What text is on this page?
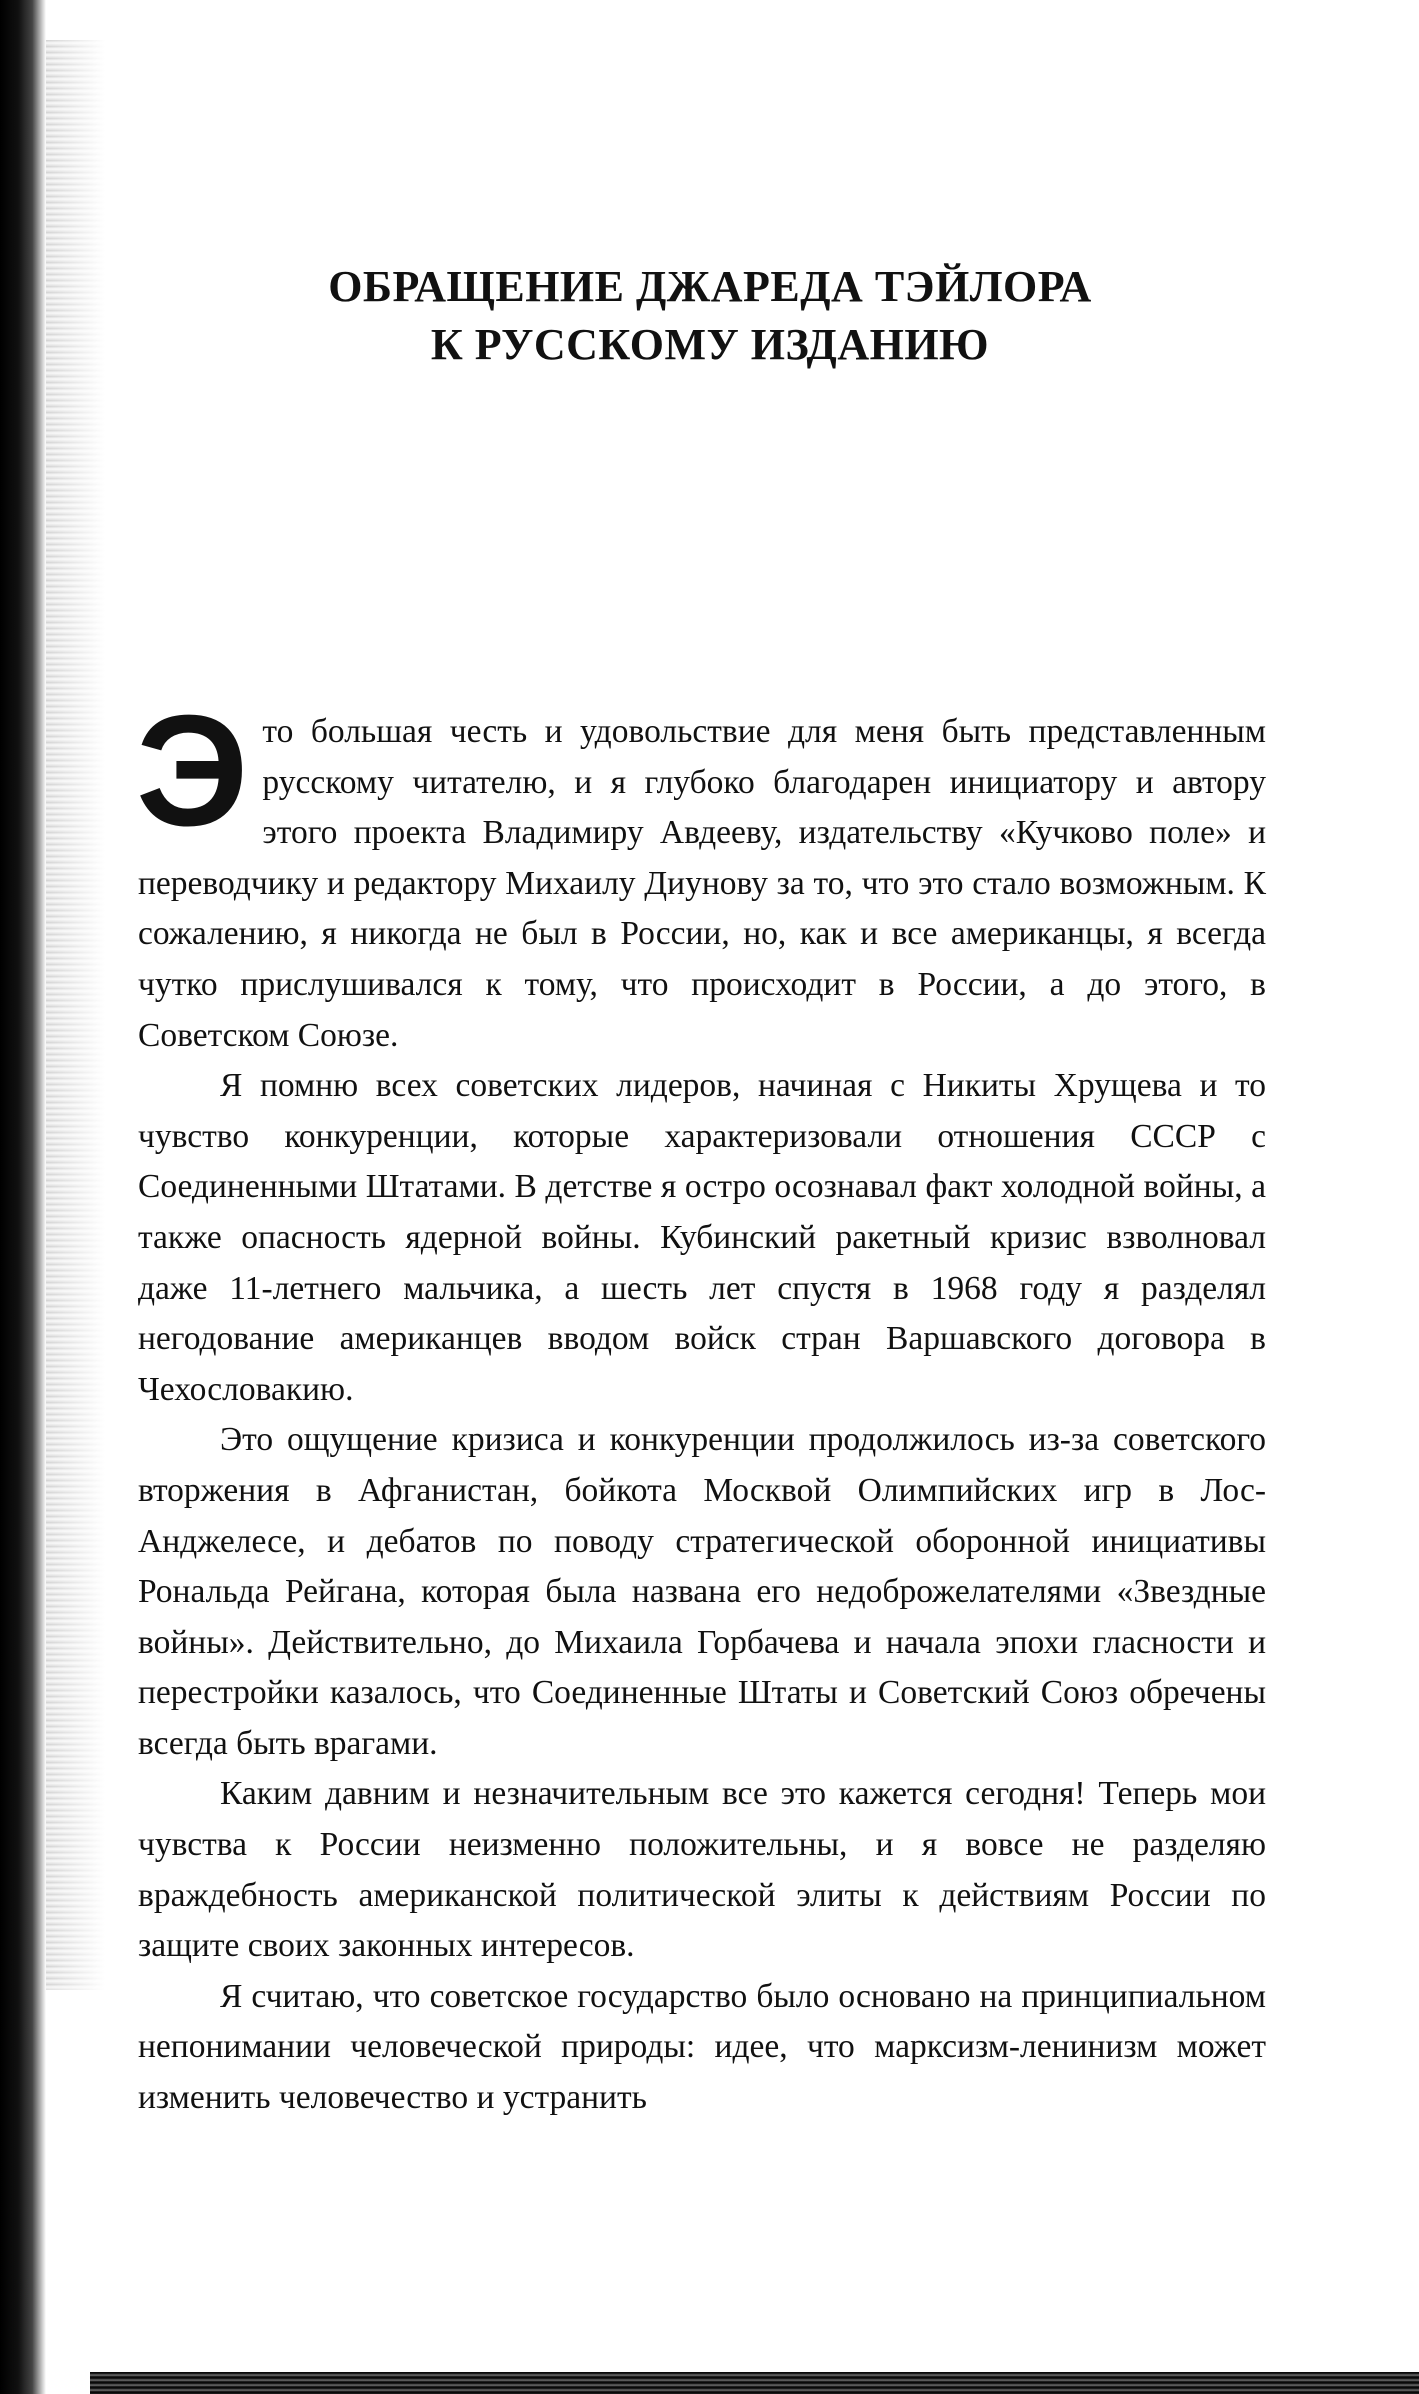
ОБРАЩЕНИЕ ДЖАРЕДА ТЭЙЛОРА
К РУССКОМУ ИЗДАНИЮ

Это большая честь и удовольствие для меня быть представленным русскому читателю, и я глубоко благодарен инициатору и автору этого проекта Владимиру Авдееву, издательству «Кучково поле» и переводчику и редактору Михаилу Диунову за то, что это стало возможным. К сожалению, я никогда не был в России, но, как и все американцы, я всегда чутко прислушивался к тому, что происходит в России, а до этого, в Советском Союзе.

Я помню всех советских лидеров, начиная с Никиты Хрущева и то чувство конкуренции, которые характеризовали отношения СССР с Соединенными Штатами. В детстве я остро осознавал факт холодной войны, а также опасность ядерной войны. Кубинский ракетный кризис взволновал даже 11-летнего мальчика, а шесть лет спустя в 1968 году я разделял негодование американцев вводом войск стран Варшавского договора в Чехословакию.

Это ощущение кризиса и конкуренции продолжилось из-за советского вторжения в Афганистан, бойкота Москвой Олимпийских игр в Лос-Анджелесе, и дебатов по поводу стратегической оборонной инициативы Рональда Рейгана, которая была названа его недоброжелателями «Звездные войны». Действительно, до Михаила Горбачева и начала эпохи гласности и перестройки казалось, что Соединенные Штаты и Советский Союз обречены всегда быть врагами.

Каким давним и незначительным все это кажется сегодня! Теперь мои чувства к России неизменно положительны, и я вовсе не разделяю враждебность американской политической элиты к действиям России по защите своих законных интересов.

Я считаю, что советское государство было основано на принципиальном непонимании человеческой природы: идее, что марксизм-ленинизм может изменить человечество и устранить
